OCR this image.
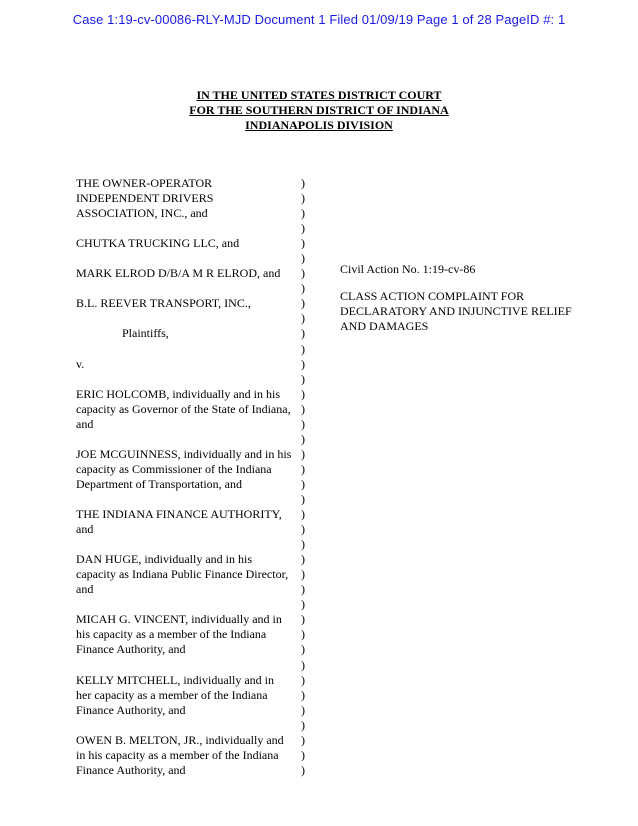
Case 1:19-cv-00086-RLY-MJD Document 1 Filed 01/09/19 Page 1 of 28 PageID #: 1
IN THE UNITED STATES DISTRICT COURT
FOR THE SOUTHERN DISTRICT OF INDIANA
INDIANAPOLIS DIVISION
THE OWNER-OPERATOR	)
INDEPENDENT DRIVERS	)
ASSOCIATION, INC., and	)
)
CHUTKA TRUCKING LLC, and	)
)
MARK ELROD D/B/A M R ELROD, and )
)
B.L. REEVER TRANSPORT, INC.,	)
)
Plaintiffs,	)
)
v.	)
)
ERIC HOLCOMB, individually and in his )
capacity as Governor of the State of Indiana, )
and	)
)
JOE MCGUINNESS, individually and in his )
capacity as Commissioner of the Indiana )
Department of Transportation, and	)
)
THE INDIANA FINANCE AUTHORITY, )
and	)
)
DAN HUGE, individually and in his	)
capacity as Indiana Public Finance Director, )
and	)
)
MICAH G. VINCENT, individually and in )
his capacity as a member of the Indiana	)
Finance Authority, and	)
)
KELLY MITCHELL, individually and in )
her capacity as a member of the Indiana	)
Finance Authority, and	)
)
OWEN B. MELTON, JR., individually and )
in his capacity as a member of the Indiana )
Finance Authority, and	)
Civil Action No. 1:19-cv-86
CLASS ACTION COMPLAINT FOR
DECLARATORY AND INJUNCTIVE RELIEF
AND DAMAGES
